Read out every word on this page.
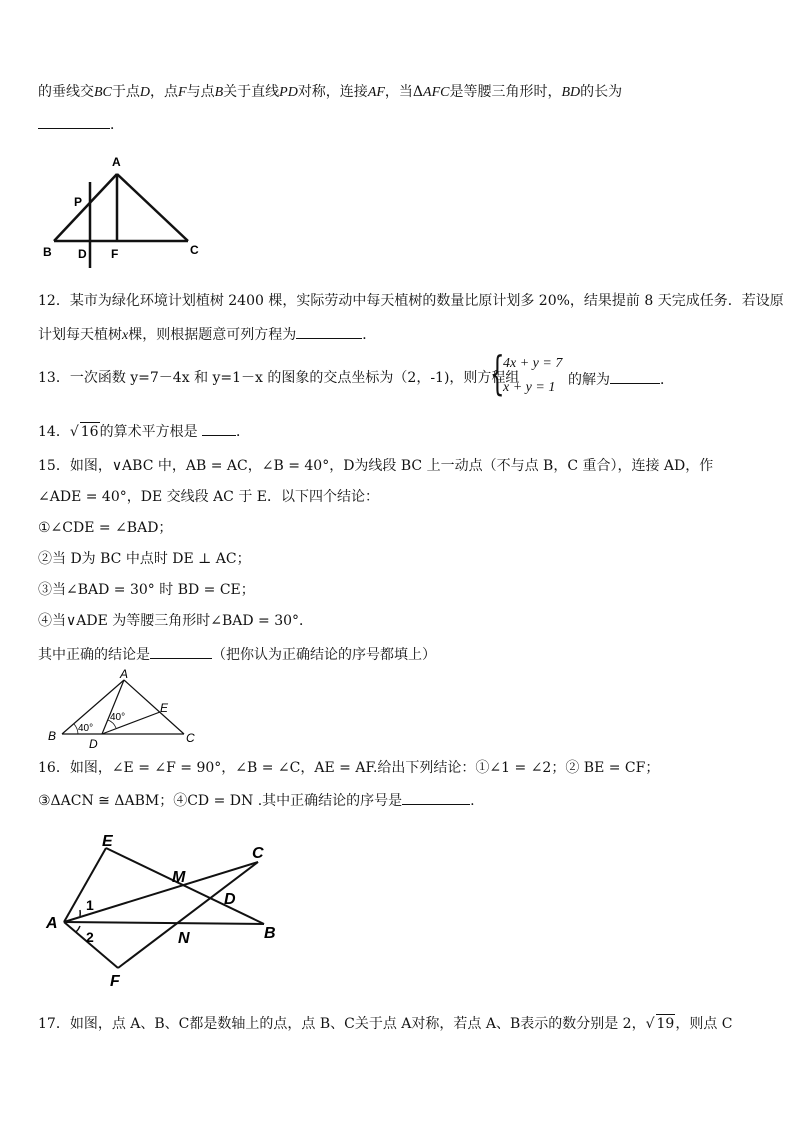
的垂线交BC于点D，点F与点B关于直线PD对称，连接AF，当ΔAFC是等腰三角形时，BD的长为
．
A
P
B D F	C
12．某市为绿化环境计划植树 2400 棵，实际劳动中每天植树的数量比原计划多 20%，结果提前 8 天完成任务．若设原
计划每天植树x棵，则根据题意可列方程为	．
13．一次函数 y=7－4x 和 y=1－x 的图象的交点坐标为（2，-1)，则方程组
{
4x + y = 7
x + y = 1 的解为	．
14．√ 16的算术平方根是	．
15．如图，∨ABC 中，AB = AC，∠B = 40°，D为线段 BC 上一动点（不与点 B，C 重合），连接 AD，作
∠ADE = 40°，DE 交线段 AC 于 E．以下四个结论：
①∠CDE = ∠BAD；
②当 D为 BC 中点时 DE ⊥ AC；
③当∠BAD = 30° 时 BD = CE；
④当∨ADE 为等腰三角形时∠BAD = 30°．
其中正确的结论是	（把你认为正确结论的序号都填上）
A
B	C
D
E
40°
40°
16．如图，∠E = ∠F = 90°，∠B = ∠C，AE = AF.给出下列结论：①∠1 = ∠2；② BE = CF；
③ΔACN ≅ ΔABM；④CD = DN .其中正确结论的序号是	.
E
C
M
D
A
1
2	N	B
F
17．如图，点 A、B、C都是数轴上的点，点 B、C关于点 A对称，若点 A、B表示的数分别是 2，√ 19，则点 C
